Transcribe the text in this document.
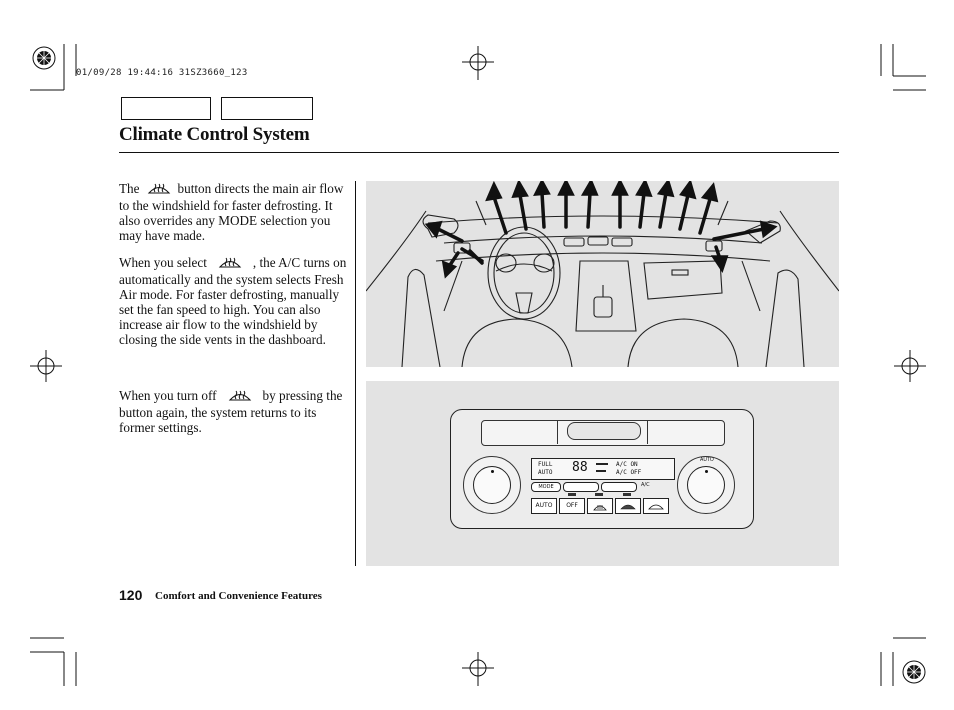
01/09/28 19:44:16 31SZ3660_123
Climate Control System

The	button directs the main air flow to the windshield for faster defrosting. It also overrides any MODE selection you may have made.

When you select	, the A/C turns on automatically and the system selects Fresh Air mode. For faster defrosting, manually set the fan speed to high. You can also increase air flow to the windshield by closing the side vents in the dashboard.

When you turn off	by pressing the button again, the system returns to its former settings.

AUTO
FULL
AUTO 88	A/C ON
A/C OFF
MODE	A/C
AUTO	OFF
120 Comfort and Convenience Features
